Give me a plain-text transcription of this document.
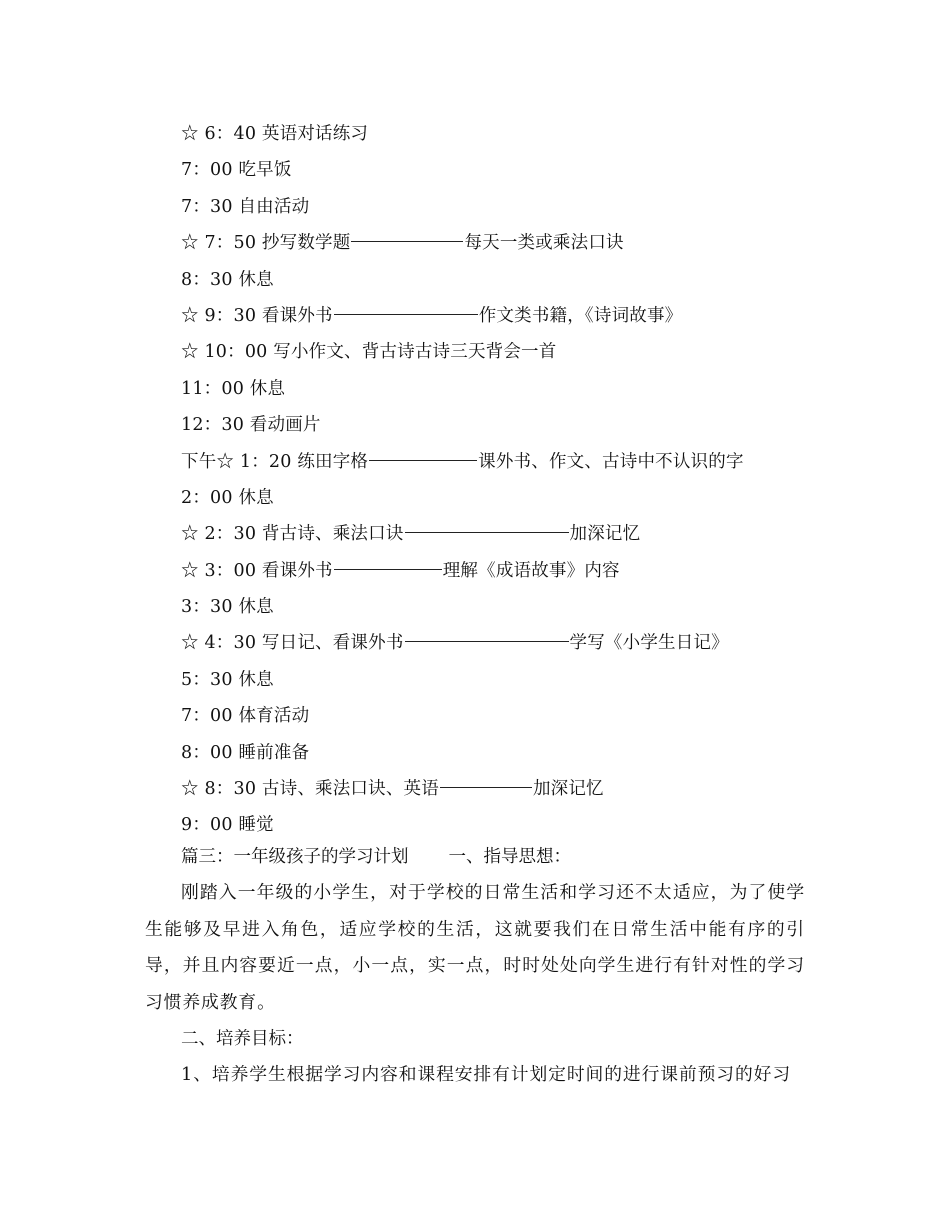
☆ 6：40 英语对话练习
7：00 吃早饭
7：30 自由活动
☆ 7：50 抄写数学题	每天一类或乘法口诀
8：30 休息
☆ 9：30 看课外书	作文类书籍，《诗词故事》
☆ 10：00 写小作文、背古诗古诗三天背会一首
11：00 休息
12：30 看动画片
下午☆ 1：20 练田字格	课外书、作文、古诗中不认识的字
2：00 休息
☆ 2：30 背古诗、乘法口诀	加深记忆
☆ 3：00 看课外书	理解《成语故事》内容
3：30 休息
☆ 4：30 写日记、看课外书	学写《小学生日记》
5：30 休息
7：00 体育活动
8：00 睡前准备
☆ 8：30 古诗、乘法口诀、英语	加深记忆
9：00 睡觉
篇三：一年级孩子的学习计划 一、指导思想：

刚踏入一年级的小学生，对于学校的日常生活和学习还不太适应，为了使学生能够及早进入角色，适应学校的生活，这就要我们在日常生活中能有序的引导，并且内容要近一点，小一点，实一点，时时处处向学生进行有针对性的学习习惯养成教育。

二、培养目标：

1、培养学生根据学习内容和课程安排有计划定时间的进行课前预习的好习
